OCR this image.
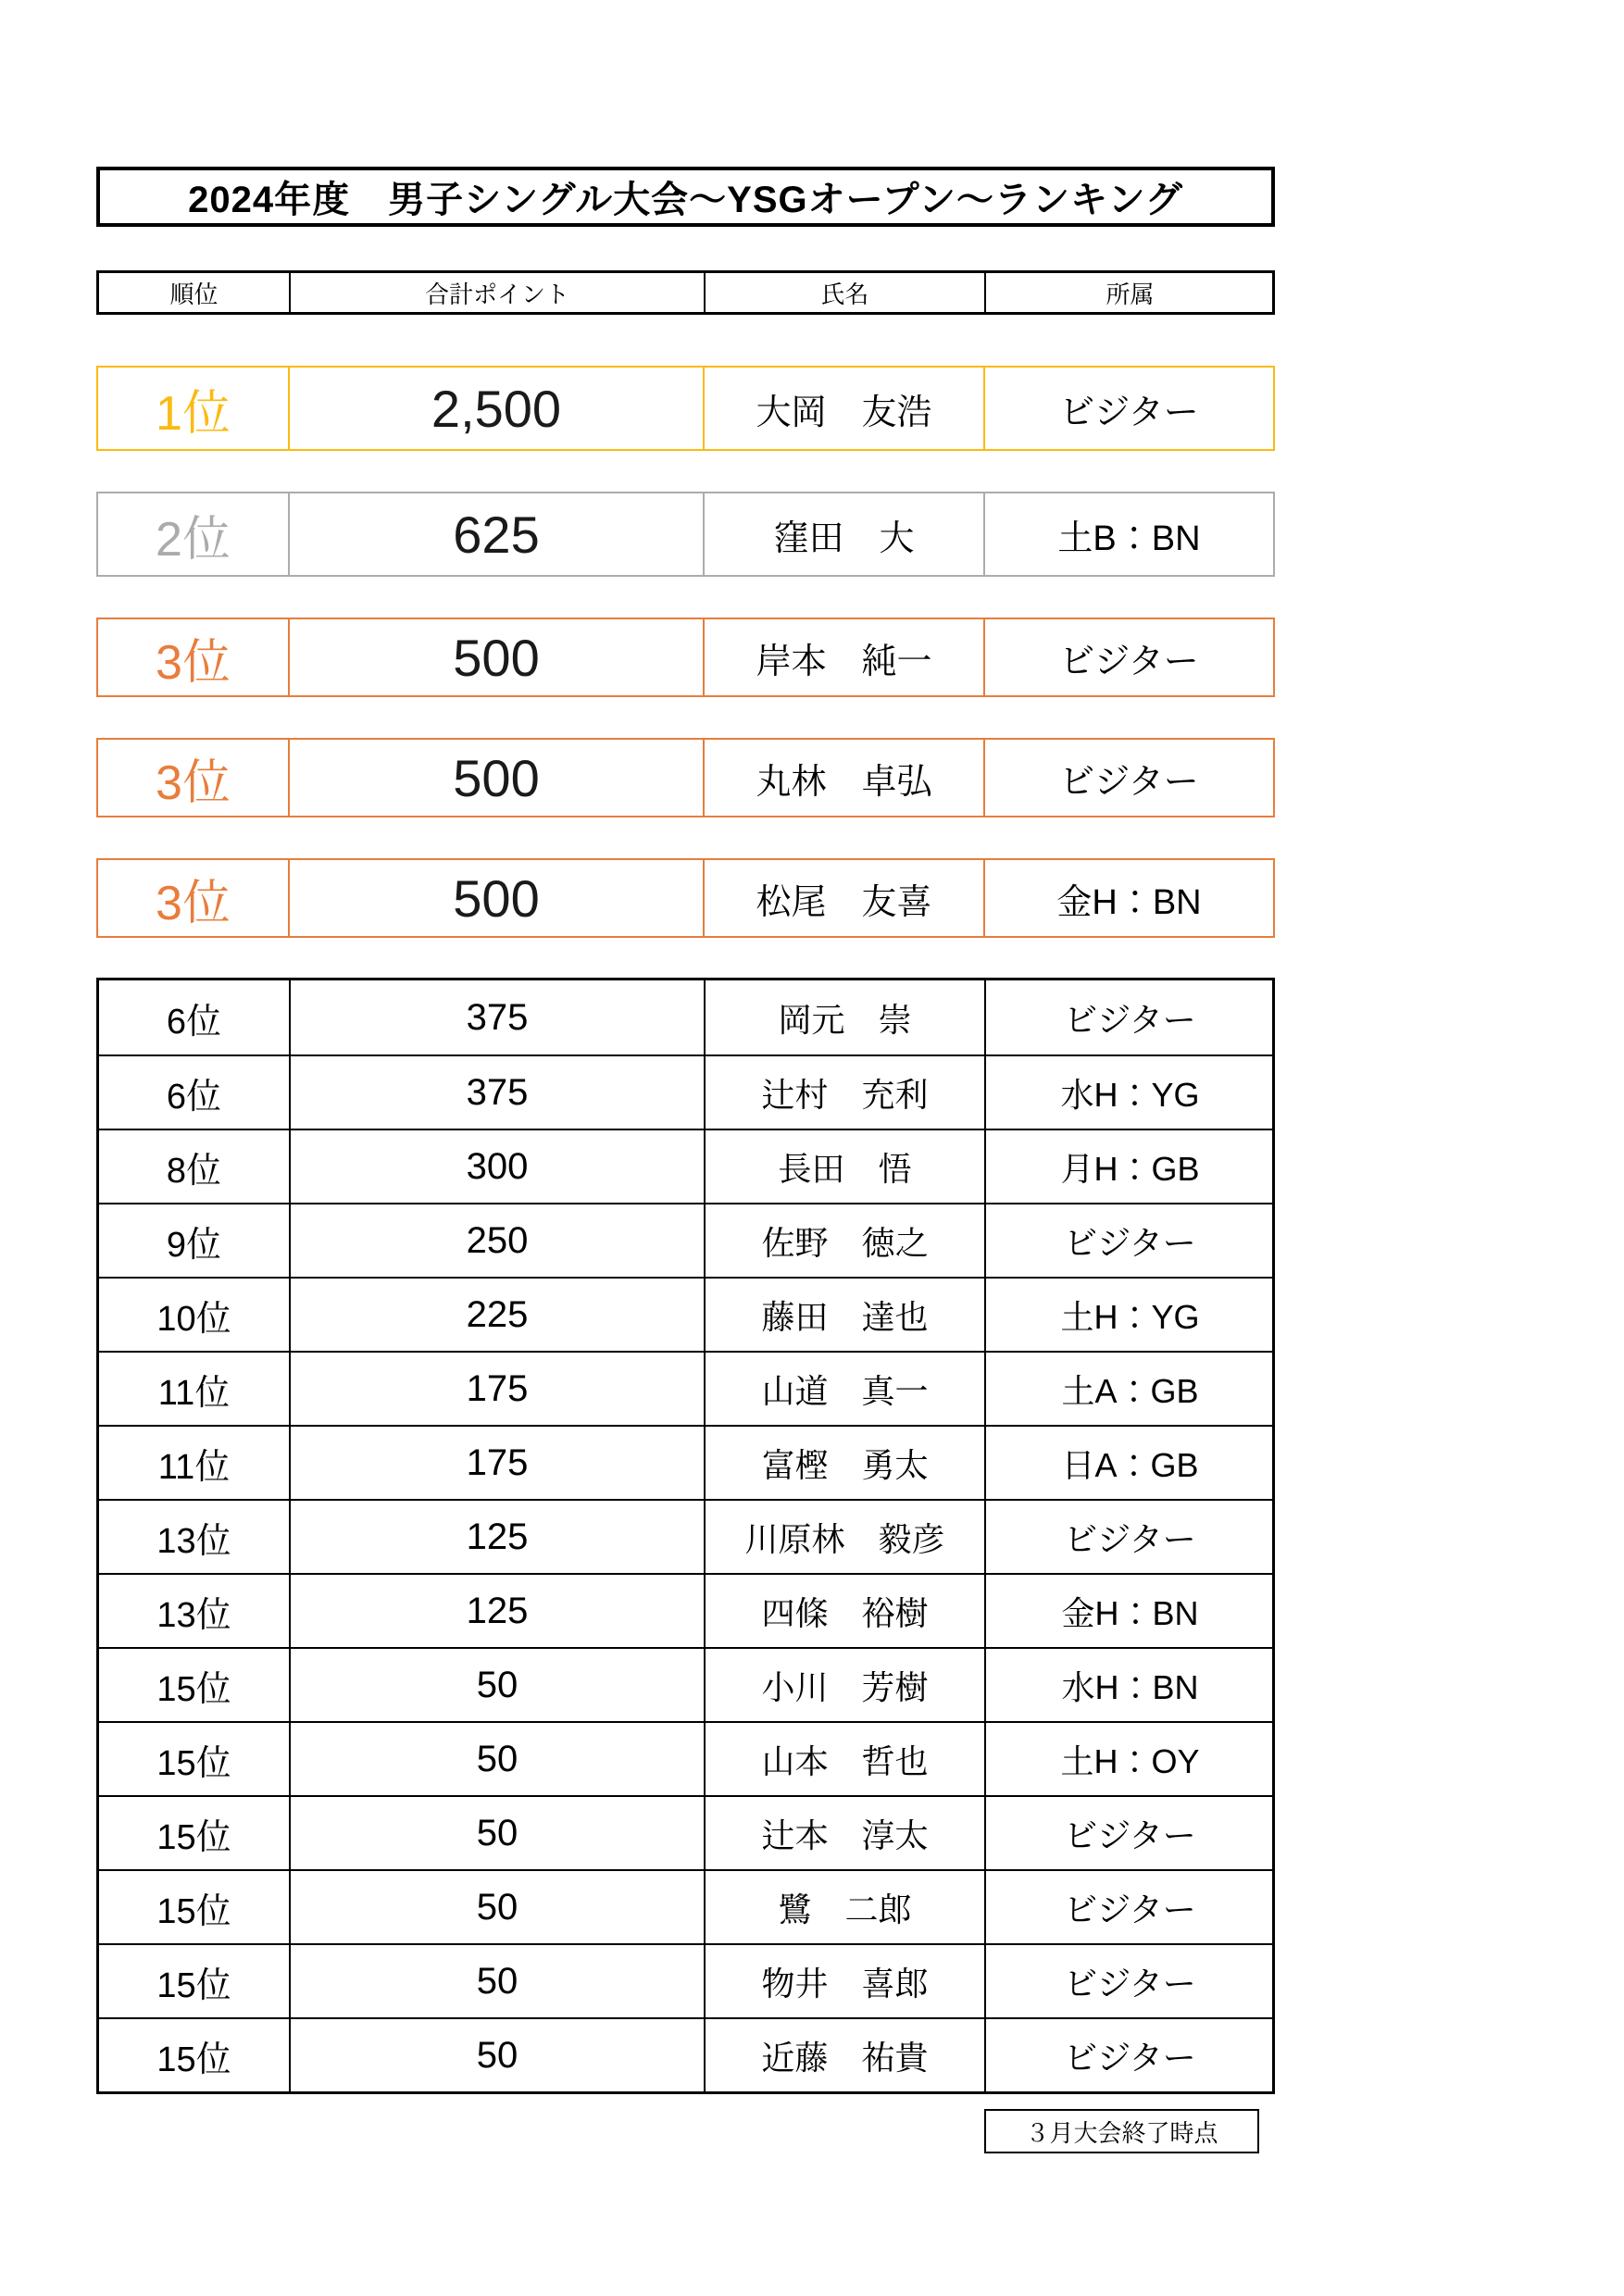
2024年度　男子シングル大会～YSGオープン～ランキング
順位	合計ポイント	氏名	所属
1位	2,500	大岡　友浩	ビジター
2位	625	窪田　大	土B：BN
3位	500	岸本　純一	ビジター
3位	500	丸林　卓弘	ビジター
3位	500	松尾　友喜	金H：BN
6位	375	岡元　崇	ビジター
6位	375	辻村　充利	水H：YG
8位	300	長田　悟	月H：GB
9位	250	佐野　徳之	ビジター
10位	225	藤田　達也	土H：YG
11位	175	山道　真一	土A：GB
11位	175	富樫　勇太	日A：GB
13位	125	川原林　毅彦	ビジター
13位	125	四條　裕樹	金H：BN
15位	50	小川　芳樹	水H：BN
15位	50	山本　哲也	土H：OY
15位	50	辻本　淳太	ビジター
15位	50	鷺　二郎	ビジター
15位	50	物井　喜郎	ビジター
15位	50	近藤　祐貴	ビジター
３月大会終了時点
